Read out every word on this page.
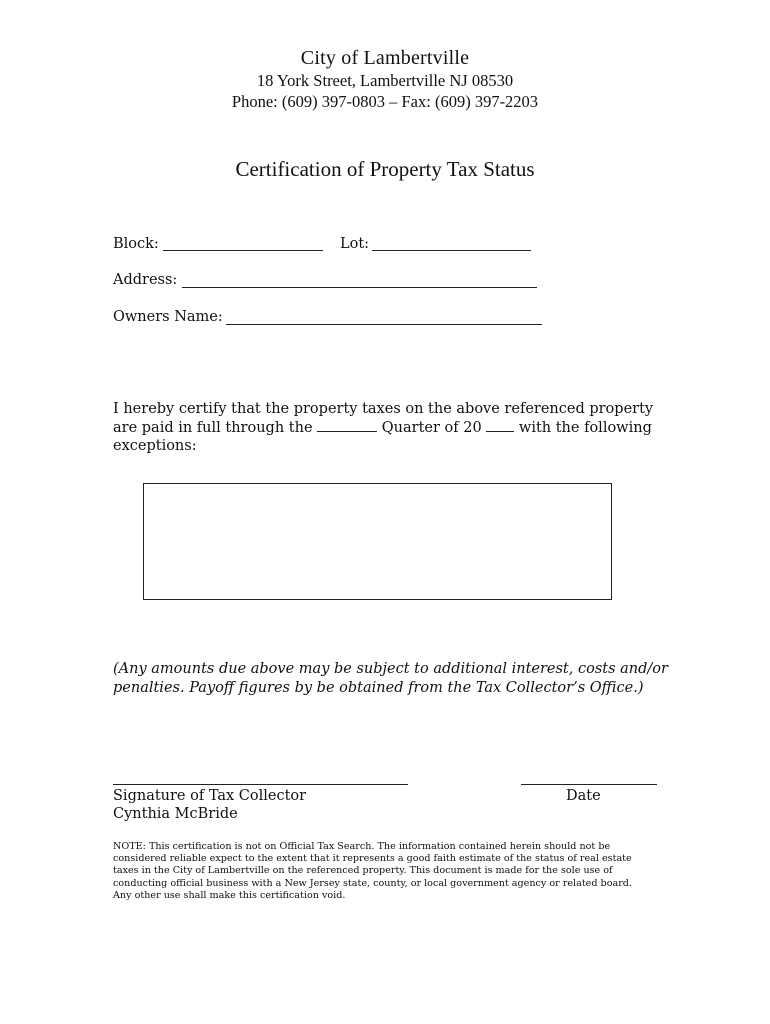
City of Lambertville
18 York Street, Lambertville NJ 08530
Phone: (609) 397-0803 – Fax: (609) 397-2203
Certification of Property Tax Status
Block:	Lot:
Address:
Owners Name:
I hereby certify that the property taxes on the above referenced property
are paid in full through the	Quarter of 20	with the following
exceptions:
(Any amounts due above may be subject to additional interest, costs and/or penalties. Payoff figures by be obtained from the Tax Collector’s Office.)
Signature of Tax Collector	Date
Cynthia McBride
NOTE: This certification is not on Official Tax Search. The information contained herein should not be considered reliable expect to the extent that it represents a good faith estimate of the status of real estate taxes in the City of Lambertville on the referenced property. This document is made for the sole use of conducting official business with a New Jersey state, county, or local government agency or related board. Any other use shall make this certification void.
